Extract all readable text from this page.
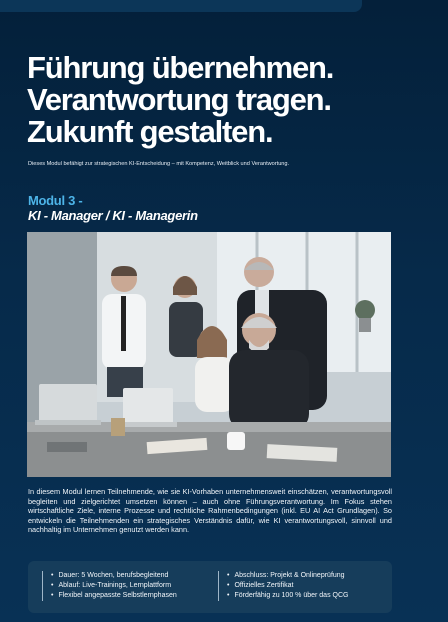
Führung übernehmen.
Verantwortung tragen.
Zukunft gestalten.
Dieses Modul befähigt zur strategischen KI-Entscheidung – mit Kompetenz, Weitblick und Verantwortung.
Modul 3 -
KI - Manager / KI - Managerin
In diesem Modul lernen Teilnehmende, wie sie KI-Vorhaben unternehmensweit einschätzen, verantwortungsvoll begleiten und zielgerichtet umsetzen können – auch ohne Führungsverantwortung. Im Fokus stehen wirtschaftliche Ziele, interne Prozesse und rechtliche Rahmenbedingungen (inkl. EU AI Act Grundlagen). So entwickeln die Teilnehmenden ein strategisches Verständnis dafür, wie KI verantwortungsvoll, sinnvoll und nachhaltig im Unternehmen genutzt werden kann.
• Dauer: 5 Wochen, berufsbegleitend
• Ablauf: Live-Trainings, Lernplattform
• Flexibel angepasste Selbstlernphasen
• Abschluss: Projekt & Onlineprüfung
• Offizielles Zertifikat
• Förderfähig zu 100 % über das QCG
